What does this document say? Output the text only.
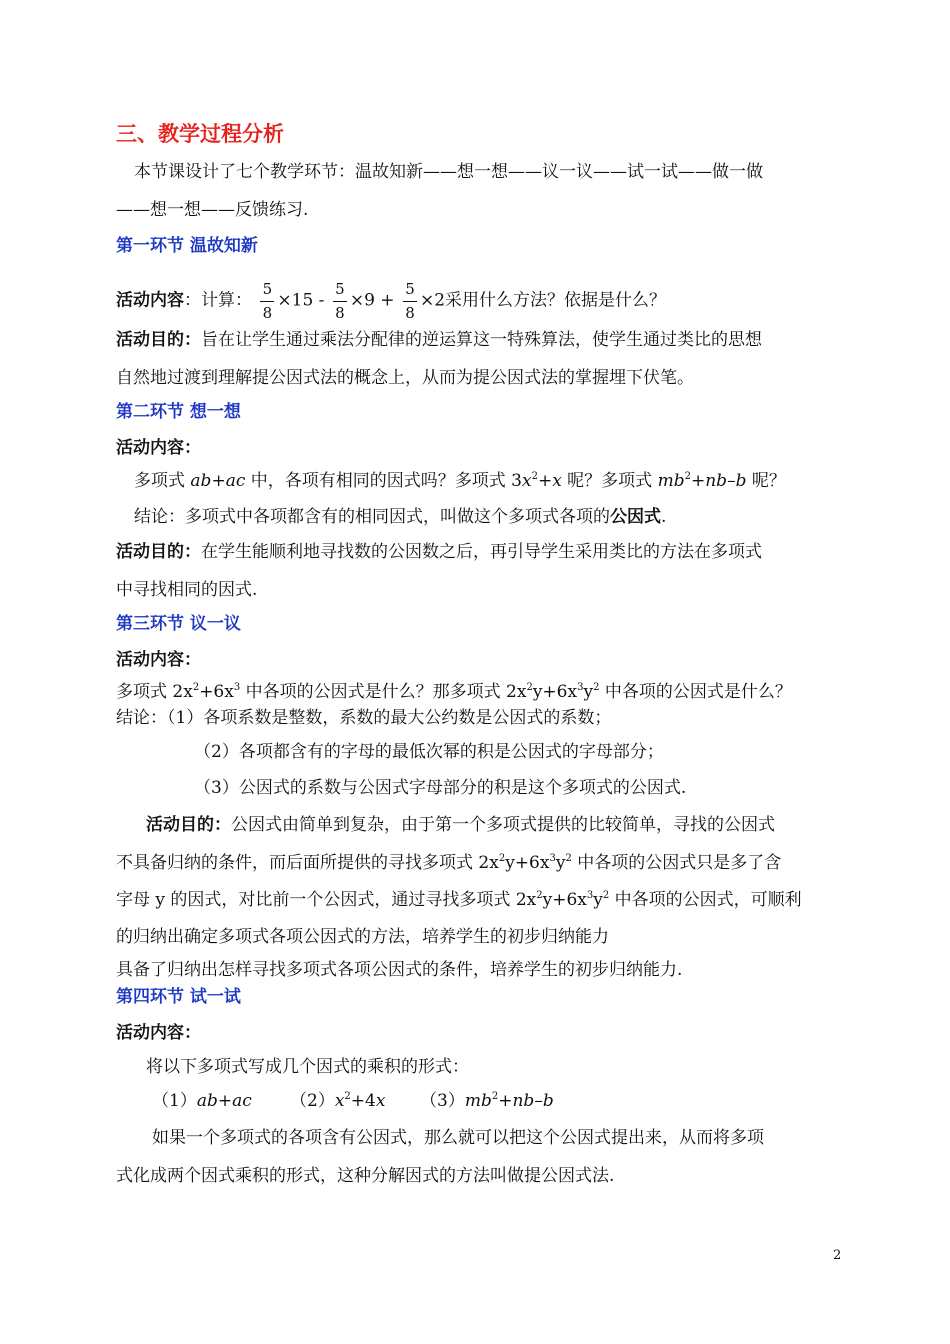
三、教学过程分析
本节课设计了七个教学环节：温故知新——想一想——议一议——试一试——做一做
——想一想——反馈练习.
第一环节 温故知新
活动内容：计算： $\frac{5}{8} \times 15 - \frac{5}{8} \times 9 + \frac{5}{8} \times 2$采用什么方法？依据是什么？
活动目的：旨在让学生通过乘法分配律的逆运算这一特殊算法，使学生通过类比的思想
自然地过渡到理解提公因式法的概念上，从而为提公因式法的掌握埋下伏笔。
第二环节 想一想
活动内容：
多项式 ab+ac 中，各项有相同的因式吗？多项式 $3x^2+x$ 呢？多项式 $mb^2+nb-b$ 呢？
结论：多项式中各项都含有的相同因式，叫做这个多项式各项的公因式.
活动目的：在学生能顺利地寻找数的公因数之后，再引导学生采用类比的方法在多项式
中寻找相同的因式.
第三环节 议一议
活动内容：
多项式 $2x^2+6x^3$ 中各项的公因式是什么？那多项式 $2x^2y+6x^3y^2$ 中各项的公因式是什么？
结论：（1）各项系数是整数，系数的最大公约数是公因式的系数；
（2）各项都含有的字母的最低次幂的积是公因式的字母部分；
（3）公因式的系数与公因式字母部分的积是这个多项式的公因式.
活动目的：公因式由简单到复杂，由于第一个多项式提供的比较简单，寻找的公因式
不具备归纳的条件，而后面所提供的寻找多项式 $2x^2y+6x^3y^2$ 中各项的公因式只是多了含
字母 y 的因式，对比前一个公因式，通过寻找多项式 $2x^2y+6x^3y^2$ 中各项的公因式，可顺利
的归纳出确定多项式各项公因式的方法，培养学生的初步归纳能力
具备了归纳出怎样寻找多项式各项公因式的条件，培养学生的初步归纳能力.
第四环节 试一试
活动内容：
将以下多项式写成几个因式的乘积的形式：
（1）ab+ac $(2)x^2+4x$ $(3)mb^2+nb-b$
如果一个多项式的各项含有公因式，那么就可以把这个公因式提出来，从而将多项
式化成两个因式乘积的形式，这种分解因式的方法叫做提公因式法.
2
